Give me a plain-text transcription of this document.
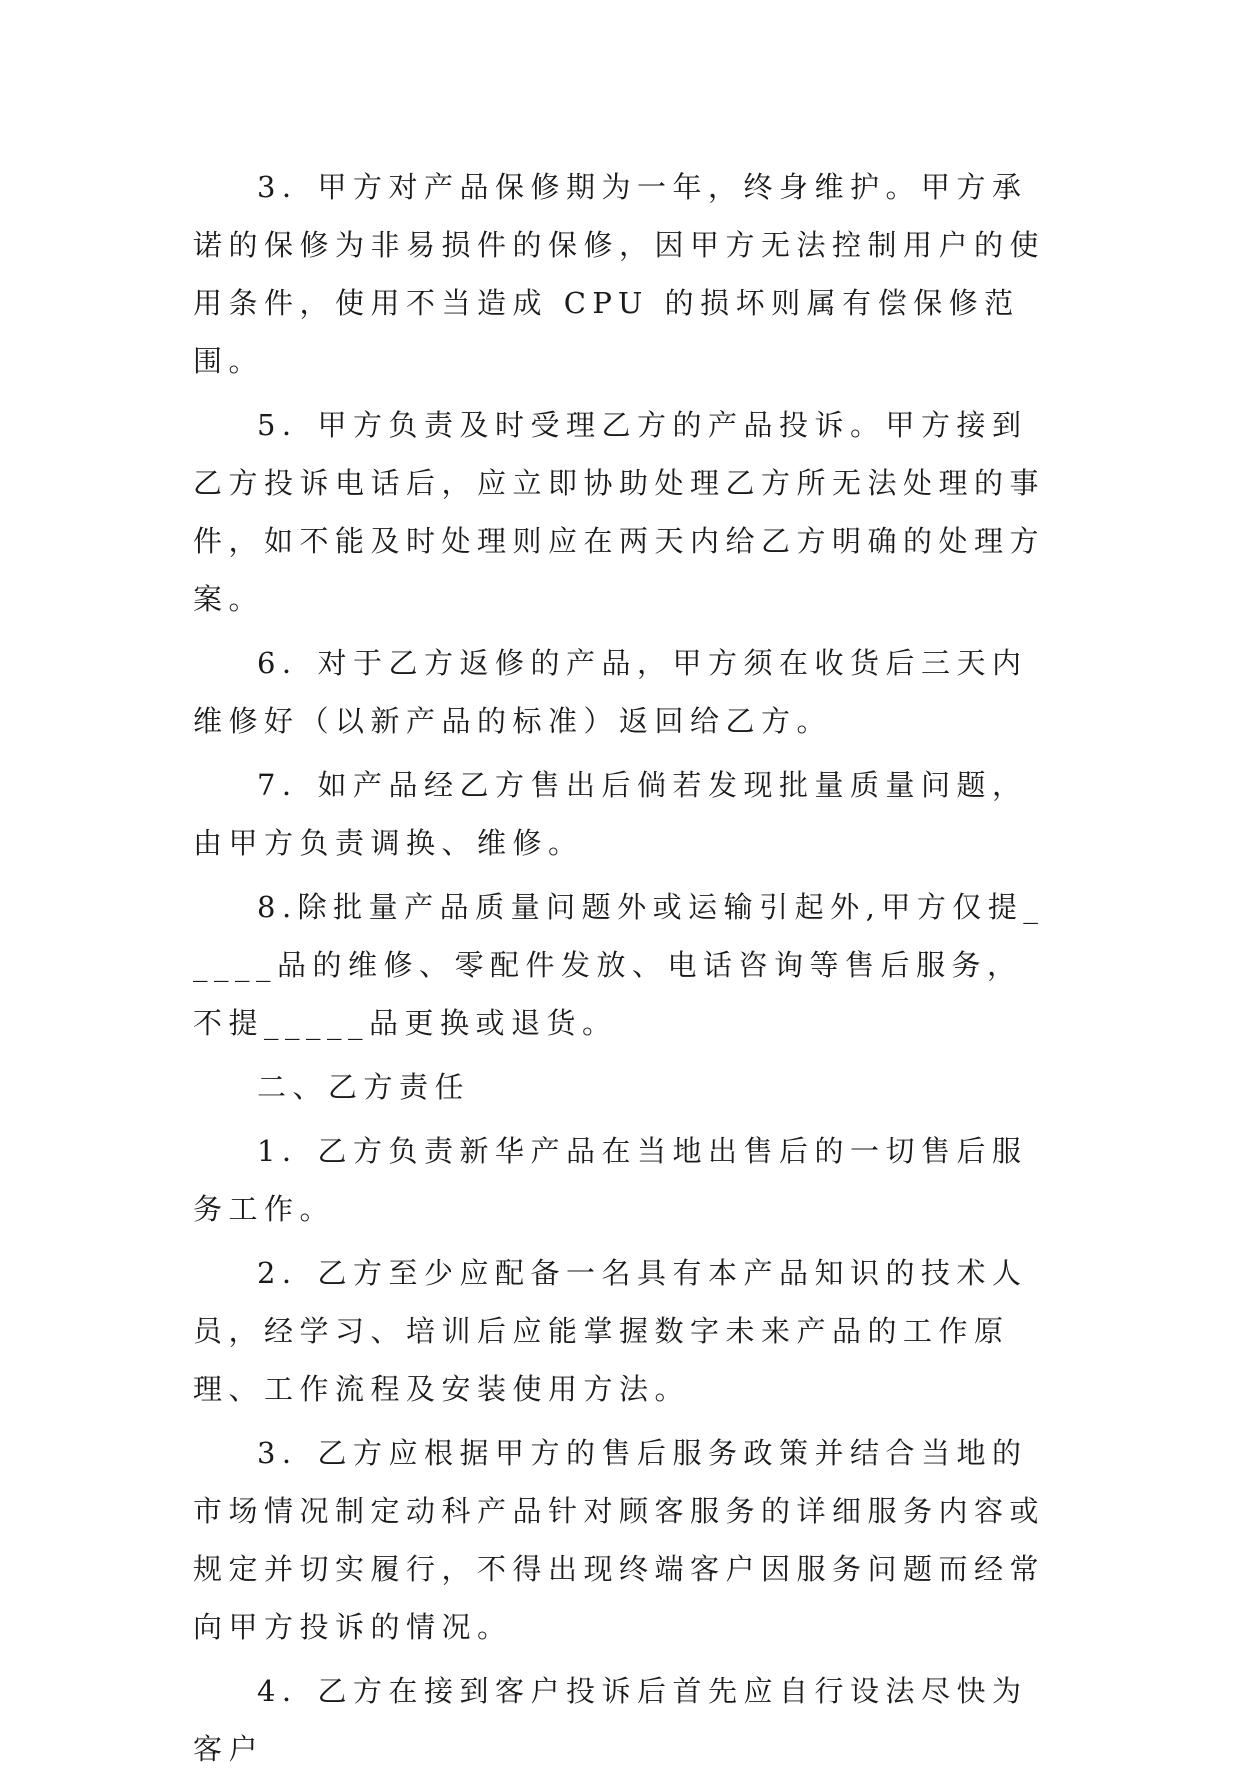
3．甲方对产品保修期为一年，终身维护。甲方承诺的保修为非易损件的保修，因甲方无法控制用户的使用条件，使用不当造成 CPU 的损坏则属有偿保修范围。

5．甲方负责及时受理乙方的产品投诉。甲方接到乙方投诉电话后，应立即协助处理乙方所无法处理的事件，如不能及时处理则应在两天内给乙方明确的处理方案。

6．对于乙方返修的产品，甲方须在收货后三天内维修好（以新产品的标准）返回给乙方。

7．如产品经乙方售出后倘若发现批量质量问题，由甲方负责调换、维修。

8.除批量产品质量问题外或运输引起外,甲方仅提_____品的维修、零配件发放、电话咨询等售后服务，不提_____品更换或退货。

二、乙方责任

1．乙方负责新华产品在当地出售后的一切售后服务工作。

2．乙方至少应配备一名具有本产品知识的技术人员，经学习、培训后应能掌握数字未来产品的工作原理、工作流程及安装使用方法。

3．乙方应根据甲方的售后服务政策并结合当地的市场情况制定动科产品针对顾客服务的详细服务内容或规定并切实履行，不得出现终端客户因服务问题而经常向甲方投诉的情况。

4．乙方在接到客户投诉后首先应自行设法尽快为客户
